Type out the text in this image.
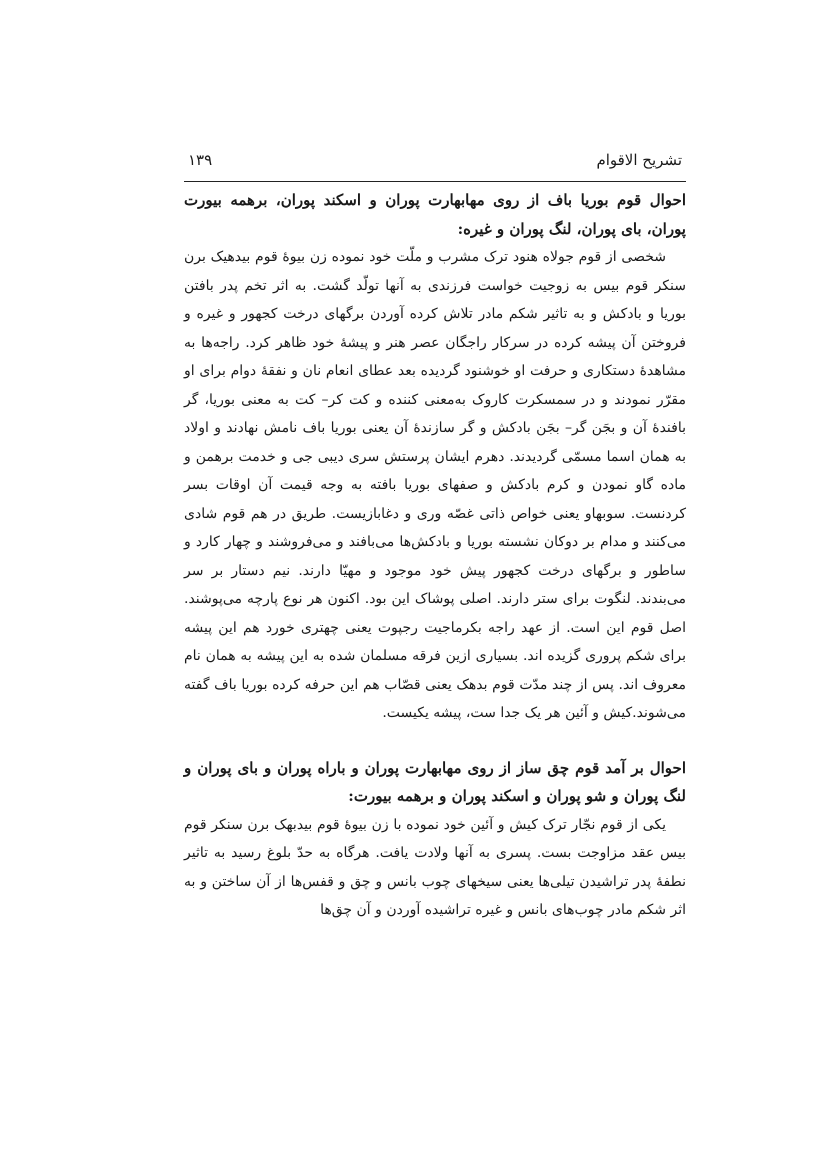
تشریح الاقوام
۱۳۹

احوال قوم بوریا باف از روی مهابهارت پوران و اسکند پوران، برهمه بیورت پوران، بای پوران، لنگ پوران و غیره:

شخصی از قوم جولاه هنود ترک مشرب و ملّت خود نموده زن بیوهٔ قوم بیدهیک برن سنکر قوم بیس به زوجیت خواست فرزندی به آنها تولّد گشت. به اثر تخم پدر بافتن بوریا و بادکش و به تاثیر شکم مادر تلاش کرده آوردن برگهای درخت کجهور و غیره و فروختن آن پیشه کرده در سرکار راجگان عصر هنر و پیشهٔ خود ظاهر کرد. راجه‌ها به مشاهدهٔ دستکاری و حرفت او خوشنود گردیده بعد عطای انعام نان و نفقهٔ دوام برای او مقرّر نمودند و در سمسکرت کاروک به‌معنی کننده و کت کر– کت به معنی بوریا، گر بافندهٔ آن و بجَن گر– بجَن بادکش و گر سازندهٔ آن یعنی بوریا باف نامش نهادند و اولاد به همان اسما مسمّی گردیدند. دهرم ایشان پرستش سری دیبی جی و خدمت برهمن و ماده گاو نمودن و کرم بادکش و صفهای بوریا بافته به وجه قیمت آن اوقات بسر کردنست. سوبهاو یعنی خواص ذاتی غصّه وری و دغابازیست. طریق در هم قوم شادی می‌کنند و مدام بر دوکان نشسته بوریا و بادکش‌ها می‌بافند و می‌فروشند و چهار کارد و ساطور و برگهای درخت کجهور پیش خود موجود و مهیّا دارند. نیم دستار بر سر می‌بندند. لنگوت برای ستر دارند. اصلی پوشاک این بود. اکنون هر نوع پارچه می‌پوشند. اصل قوم این است. از عهد راجه بکرماجیت رجپوت یعنی چهتری خورد هم این پیشه برای شکم پروری گزیده اند. بسیاری ازین فرقه مسلمان شده به این پیشه به همان نام معروف اند. پس از چند مدّت قوم بدهک یعنی قصّاب هم این حرفه کرده بوریا باف گفته می‌شوند.کیش و آئین هر یک جدا ست، پیشه یکیست.

احوال بر آمد قوم چق ساز از روی مهابهارت پوران و باراه پوران و بای پوران و لنگ پوران و شو پوران و اسکند پوران و برهمه بیورت:

یکی از قوم نجّار ترک کیش و آئین خود نموده با زن بیوهٔ قوم بیدبهک برن سنکر قوم بیس عقد مزاوجت بست. پسری به آنها ولادت یافت. هرگاه به حدّ بلوغ رسید به تاثیر نطفهٔ پدر تراشیدن تیلی‌ها یعنی سیخهای چوب بانس و چق و قفس‌ها از آن ساختن و به اثر شکم مادر چوب‌های بانس و غیره تراشیده آوردن و آن چق‌ها
